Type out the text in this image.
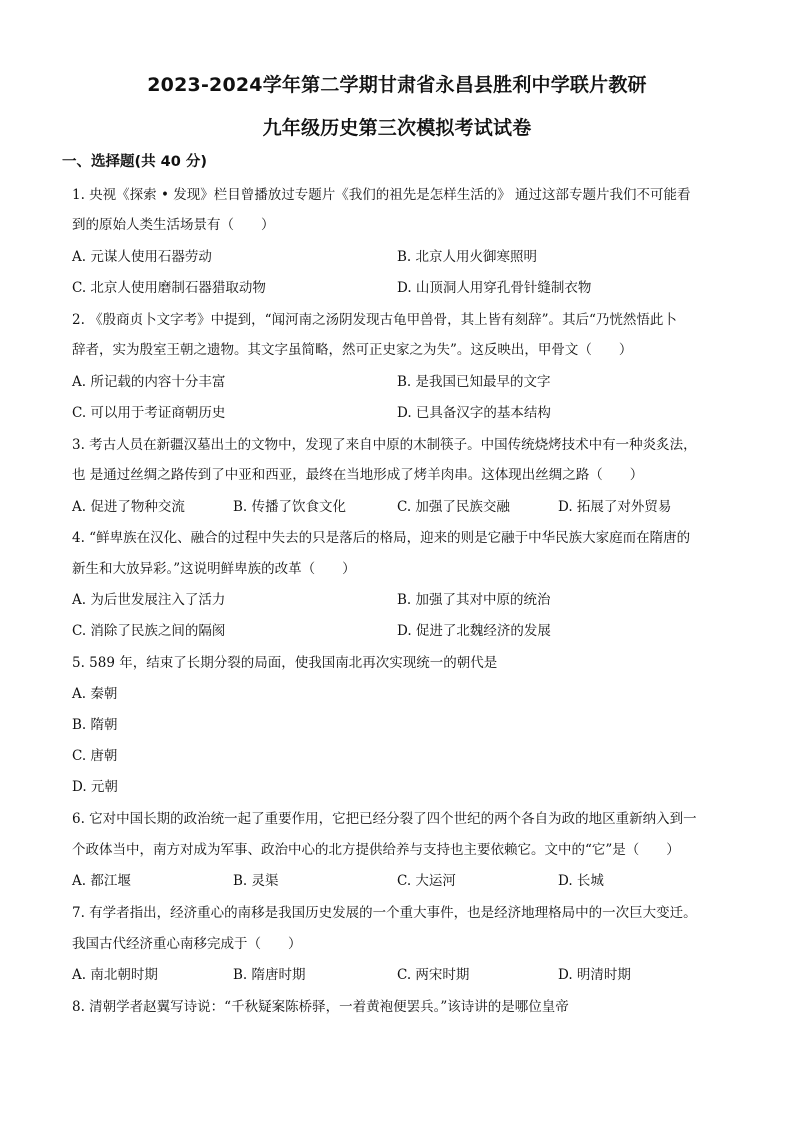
2023-2024学年第二学期甘肃省永昌县胜利中学联片教研
九年级历史第三次模拟考试试卷
一、选择题(共 40 分)
1. 央视《探索 • 发现》栏目曾播放过专题片《我们的祖先是怎样生活的》 通过这部专题片我们不可能看
到的原始人类生活场景有（　　）
A. 元谋人使用石器劳动	B. 北京人用火御寒照明
C. 北京人使用磨制石器猎取动物	D. 山顶洞人用穿孔骨针缝制衣物
2. 《殷商贞卜文字考》中提到，“闻河南之汤阴发现古龟甲兽骨，其上皆有刻辞”。其后“乃恍然悟此卜
辞者，实为殷室王朝之遗物。其文字虽简略，然可正史家之为失”。这反映出，甲骨文（　　）
A. 所记载的内容十分丰富	B. 是我国已知最早的文字
C. 可以用于考证商朝历史	D. 已具备汉字的基本结构
3. 考古人员在新疆汉墓出土的文物中，发现了来自中原的木制筷子。中国传统烧烤技术中有一种炎炙法，
也 是通过丝绸之路传到了中亚和西亚，最终在当地形成了烤羊肉串。这体现出丝绸之路（　　）
A. 促进了物种交流	B. 传播了饮食文化	C. 加强了民族交融	D. 拓展了对外贸易
4. “鲜卑族在汉化、融合的过程中失去的只是落后的格局，迎来的则是它融于中华民族大家庭而在隋唐的
新生和大放异彩。”这说明鲜卑族的改革（　　）
A. 为后世发展注入了活力	B. 加强了其对中原的统治
C. 消除了民族之间的隔阂	D. 促进了北魏经济的发展
5. 589 年，结束了长期分裂的局面，使我国南北再次实现统一的朝代是
A. 秦朝
B. 隋朝
C. 唐朝
D. 元朝
6. 它对中国长期的政治统一起了重要作用，它把已经分裂了四个世纪的两个各自为政的地区重新纳入到一
个政体当中，南方对成为军事、政治中心的北方提供给养与支持也主要依赖它。文中的“它”是（　　）
A. 都江堰	B. 灵渠	C. 大运河	D. 长城
7. 有学者指出，经济重心的南移是我国历史发展的一个重大事件，也是经济地理格局中的一次巨大变迁。
我国古代经济重心南移完成于（　　）
A. 南北朝时期	B. 隋唐时期	C. 两宋时期	D. 明清时期
8. 清朝学者赵翼写诗说：“千秋疑案陈桥驿，一着黄袍便罢兵。”该诗讲的是哪位皇帝
